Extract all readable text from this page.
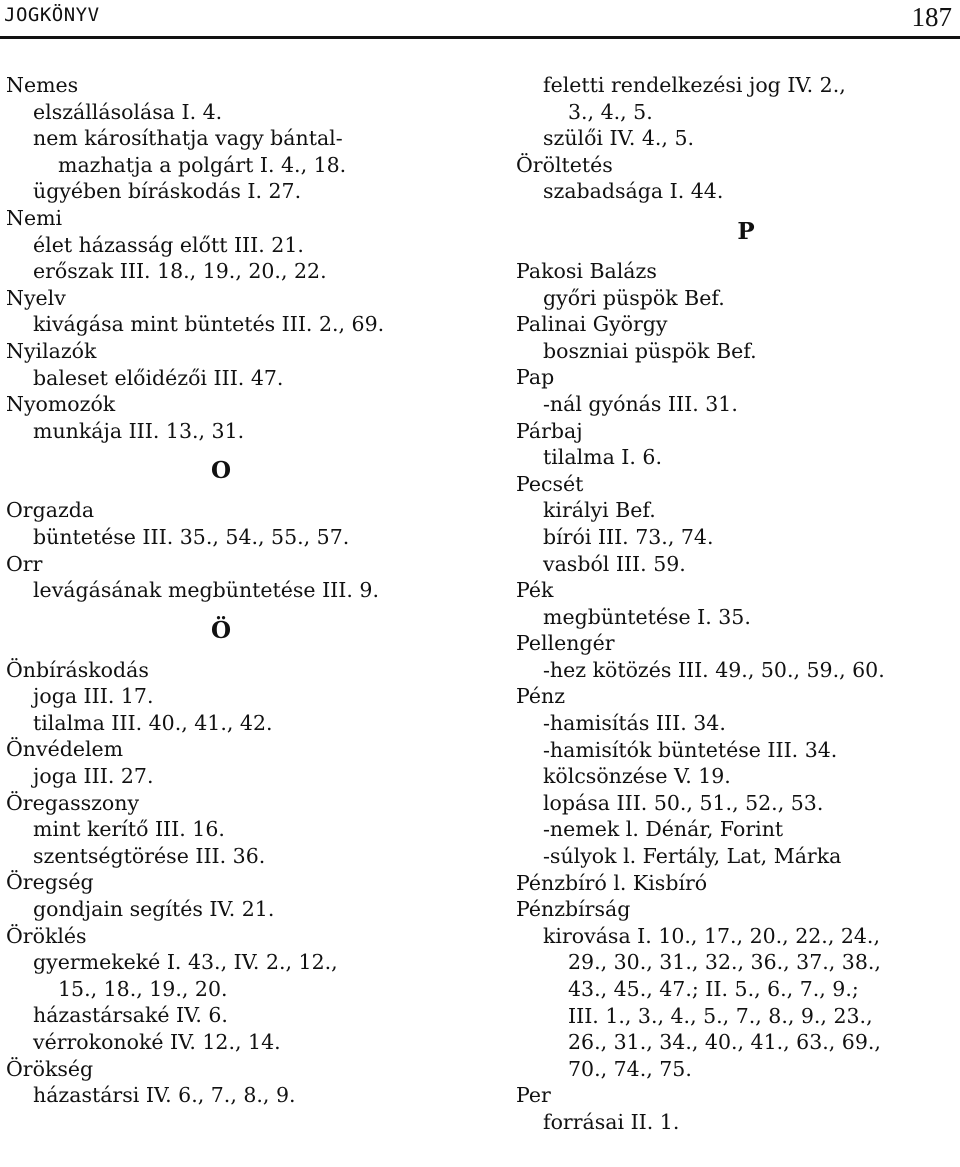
JOGKÖNYV	187
Nemes
elszállásolása I. 4.
nem károsíthatja vagy bántal-
mazhatja a polgárt I. 4., 18.
ügyében bíráskodás I. 27.
Nemi
élet házasság előtt III. 21.
erőszak III. 18., 19., 20., 22.
Nyelv
kivágása mint büntetés III. 2., 69.
Nyilazók
baleset előidézői III. 47.
Nyomozók
munkája III. 13., 31.
O
Orgazda
büntetése III. 35., 54., 55., 57.
Orr
levágásának megbüntetése III. 9.
Ö
Önbíráskodás
joga III. 17.
tilalma III. 40., 41., 42.
Önvédelem
joga III. 27.
Öregasszony
mint kerítő III. 16.
szentségtörése III. 36.
Öregség
gondjain segítés IV. 21.
Öröklés
gyermekeké I. 43., IV. 2., 12.,
15., 18., 19., 20.
házastársaké IV. 6.
vérrokonoké IV. 12., 14.
Örökség
házastársi IV. 6., 7., 8., 9.
feletti rendelkezési jog IV. 2.,
3., 4., 5.
szülői IV. 4., 5.
Öröltetés
szabadsága I. 44.
P
Pakosi Balázs
győri püspök Bef.
Palinai György
boszniai püspök Bef.
Pap
-nál gyónás III. 31.
Párbaj
tilalma I. 6.
Pecsét
királyi Bef.
bírói III. 73., 74.
vasból III. 59.
Pék
megbüntetése I. 35.
Pellengér
-hez kötözés III. 49., 50., 59., 60.
Pénz
-hamisítás III. 34.
-hamisítók büntetése III. 34.
kölcsönzése V. 19.
lopása III. 50., 51., 52., 53.
-nemek l. Dénár, Forint
-súlyok l. Fertály, Lat, Márka
Pénzbíró l. Kisbíró
Pénzbírság
kirovása I. 10., 17., 20., 22., 24.,
29., 30., 31., 32., 36., 37., 38.,
43., 45., 47.; II. 5., 6., 7., 9.;
III. 1., 3., 4., 5., 7., 8., 9., 23.,
26., 31., 34., 40., 41., 63., 69.,
70., 74., 75.
Per
forrásai II. 1.
